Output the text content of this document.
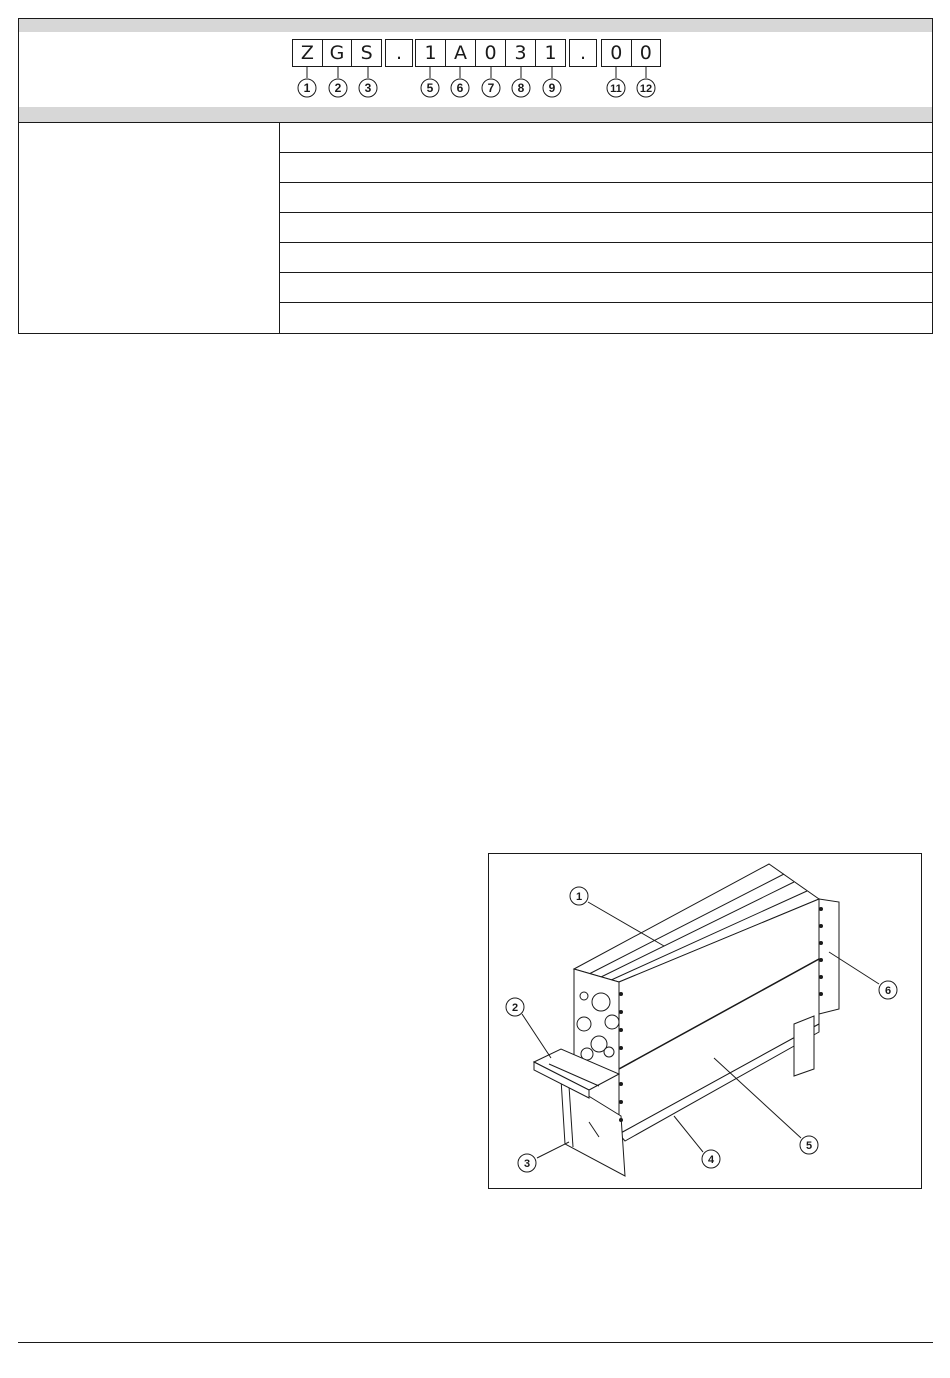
Z G S	.	1 A 0 3 1	.	0 0
1 2 3	5 6 7 8 9	11 12
1
2
3	4
5
6
